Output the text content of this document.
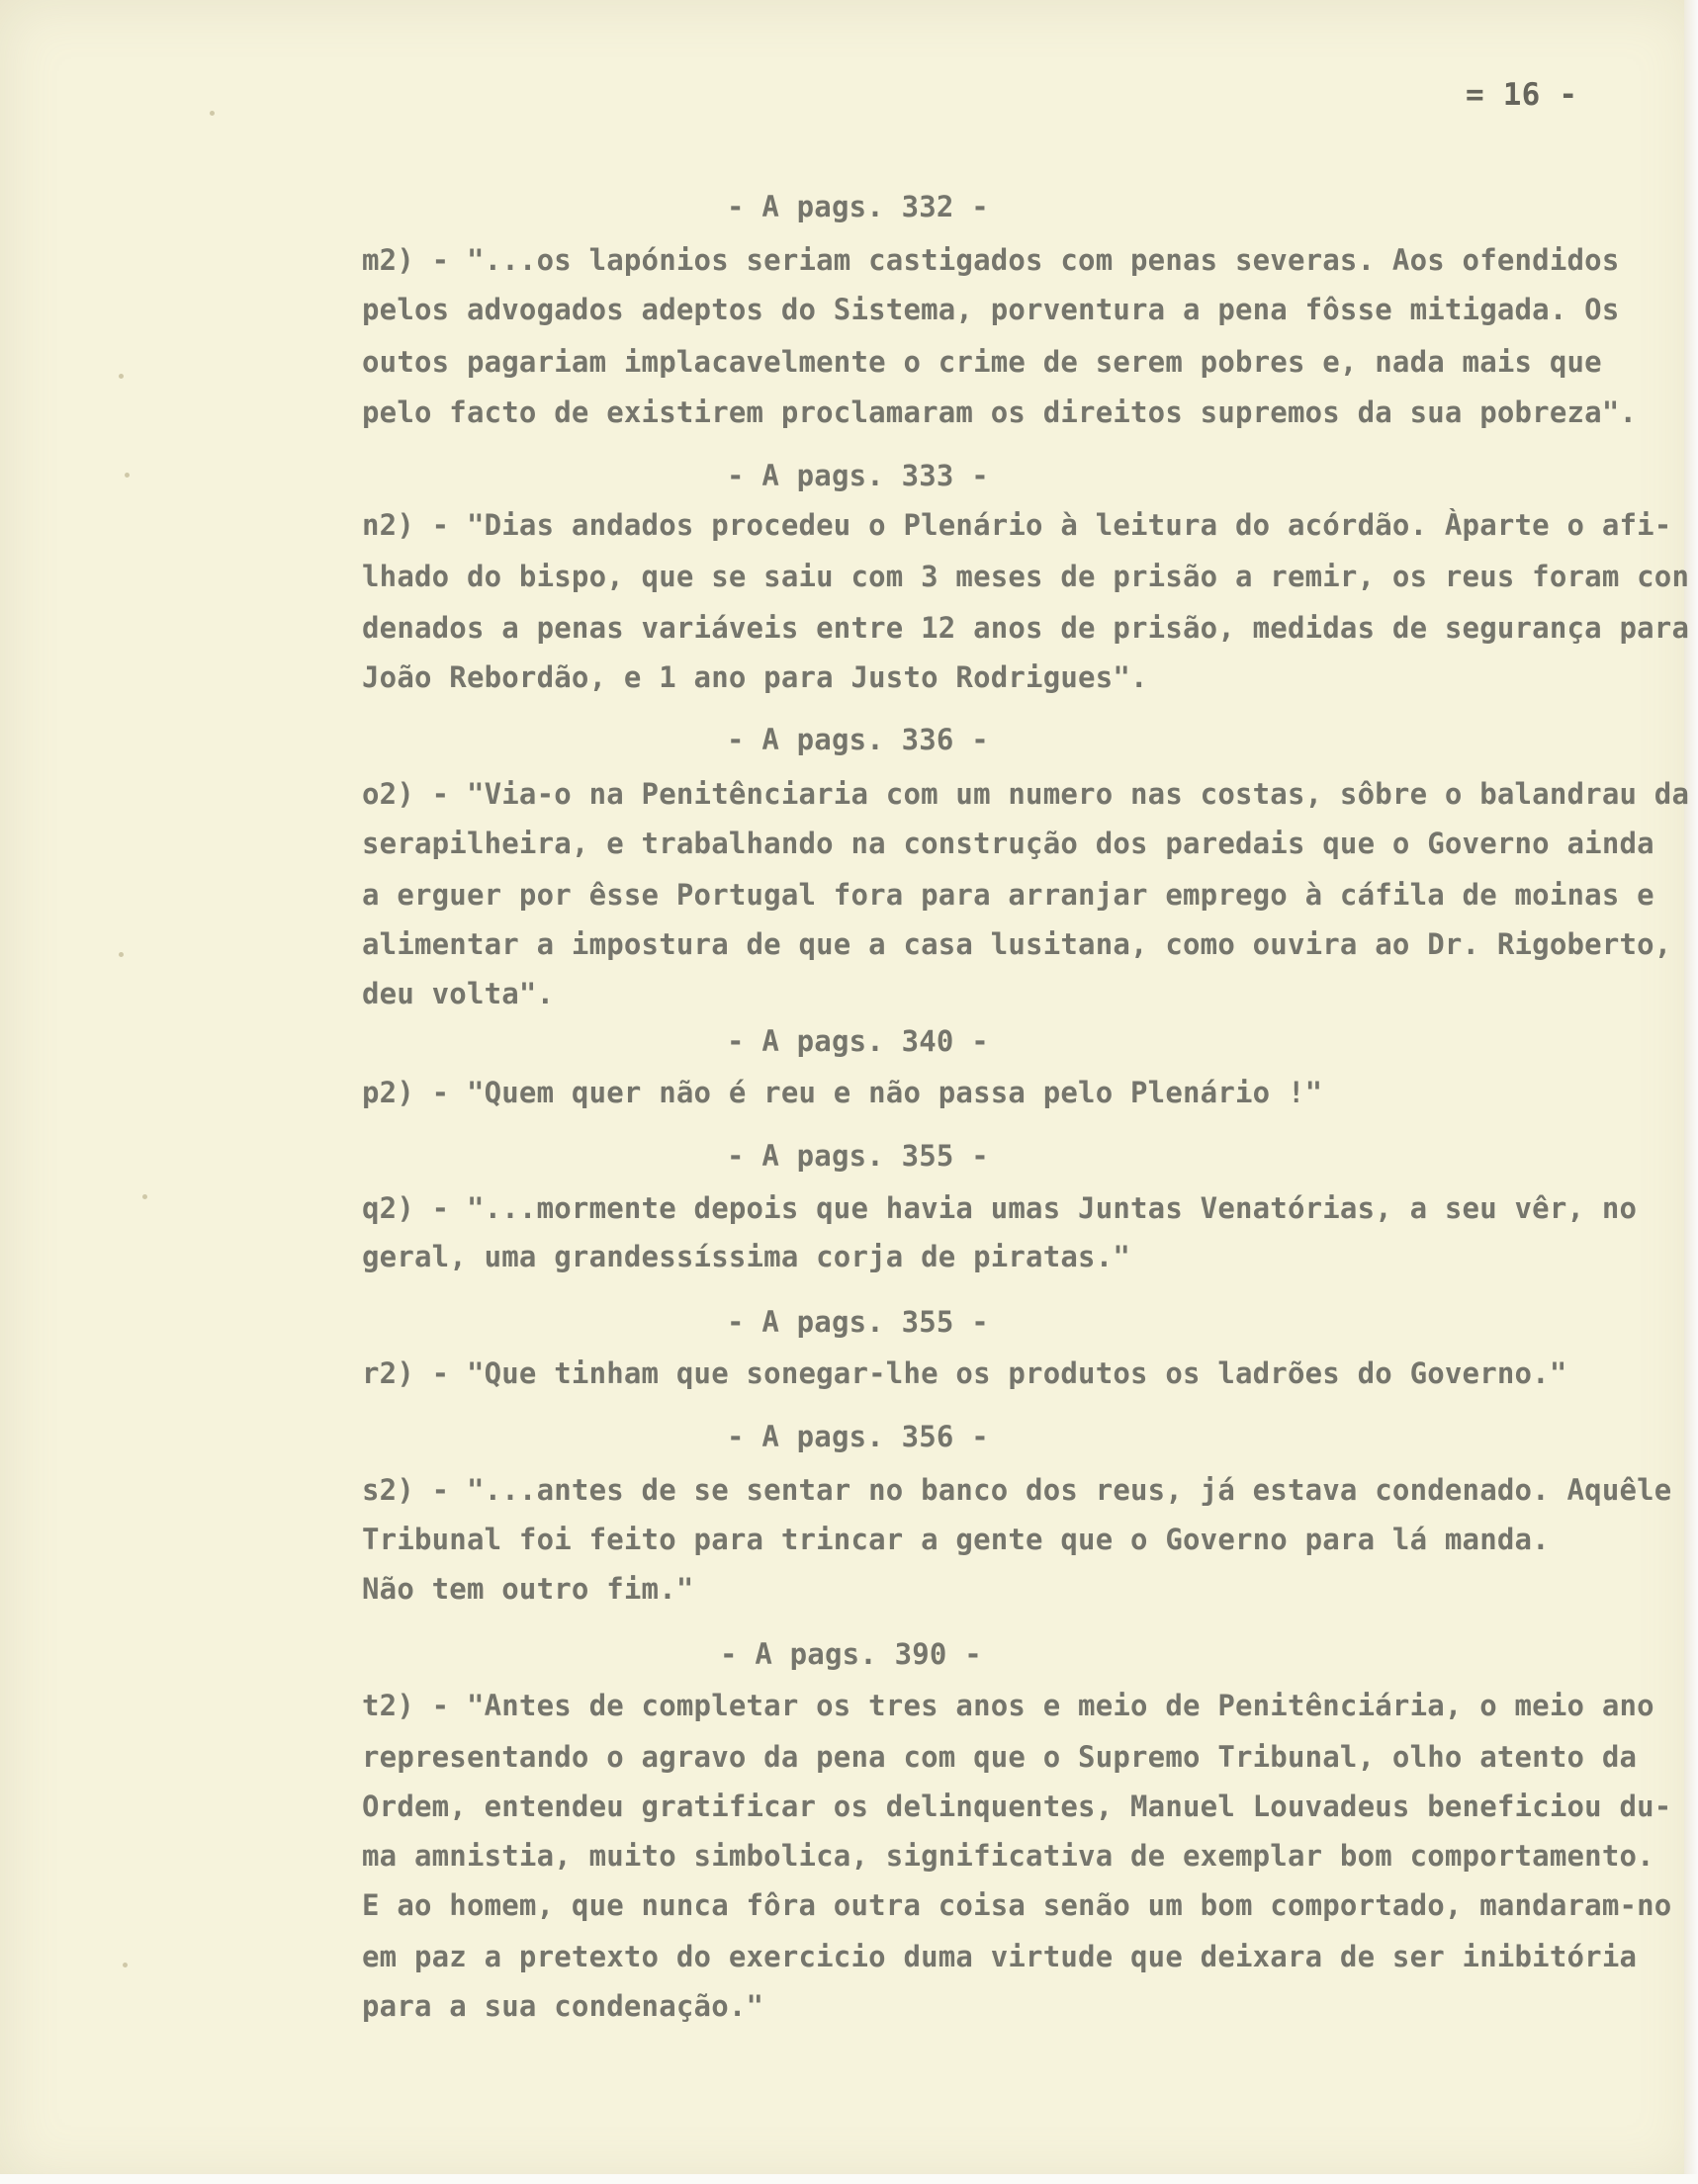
= 16 -
- A pags. 332 -
m2) - "...os lapónios seriam castigados com penas severas. Aos ofendidos
pelos advogados adeptos do Sistema, porventura a pena fôsse mitigada. Os
outos pagariam implacavelmente o crime de serem pobres e, nada mais que
pelo facto de existirem proclamaram os direitos supremos da sua pobreza".
- A pags. 333 -
n2) - "Dias andados procedeu o Plenário à leitura do acórdão. Àparte o afi-
lhado do bispo, que se saiu com 3 meses de prisão a remir, os reus foram con
denados a penas variáveis entre 12 anos de prisão, medidas de segurança para
João Rebordão, e 1 ano para Justo Rodrigues".
- A pags. 336 -
o2) - "Via-o na Penitênciaria com um numero nas costas, sôbre o balandrau da
serapilheira, e trabalhando na construção dos paredais que o Governo ainda
a erguer por êsse Portugal fora para arranjar emprego à cáfila de moinas e
alimentar a impostura de que a casa lusitana, como ouvira ao Dr. Rigoberto,
deu volta".
- A pags. 340 -
p2) - "Quem quer não é reu e não passa pelo Plenário !"
- A pags. 355 -
q2) - "...mormente depois que havia umas Juntas Venatórias, a seu vêr, no
geral, uma grandessíssima corja de piratas."
- A pags. 355 -
r2) - "Que tinham que sonegar-lhe os produtos os ladrões do Governo."
- A pags. 356 -
s2) - "...antes de se sentar no banco dos reus, já estava condenado. Aquêle
Tribunal foi feito para trincar a gente que o Governo para lá manda.
Não tem outro fim."
- A pags. 390 -
t2) - "Antes de completar os tres anos e meio de Penitênciária, o meio ano
representando o agravo da pena com que o Supremo Tribunal, olho atento da
Ordem, entendeu gratificar os delinquentes, Manuel Louvadeus beneficiou du-
ma amnistia, muito simbolica, significativa de exemplar bom comportamento.
E ao homem, que nunca fôra outra coisa senão um bom comportado, mandaram-no
em paz a pretexto do exercicio duma virtude que deixara de ser inibitória
para a sua condenação."
